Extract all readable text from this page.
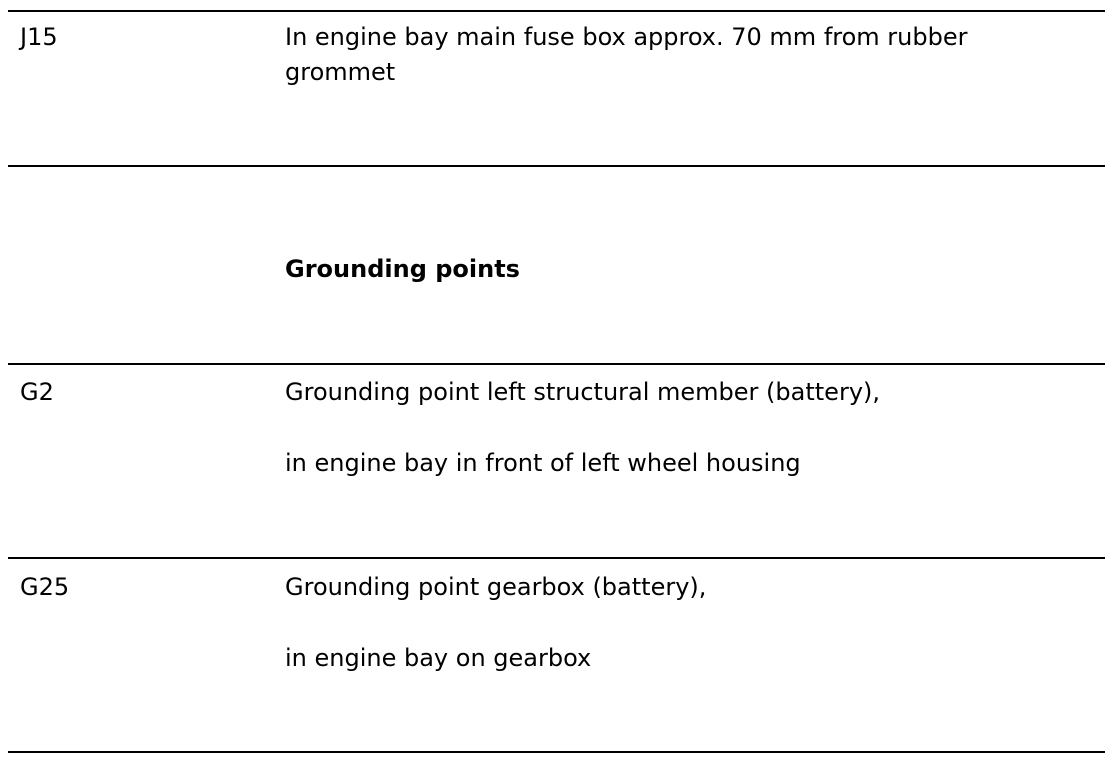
J15	In engine bay main fuse box approx. 70 mm from rubber
grommet
Grounding points
G2	Grounding point left structural member (battery),
in engine bay in front of left wheel housing
G25	Grounding point gearbox (battery),
in engine bay on gearbox
